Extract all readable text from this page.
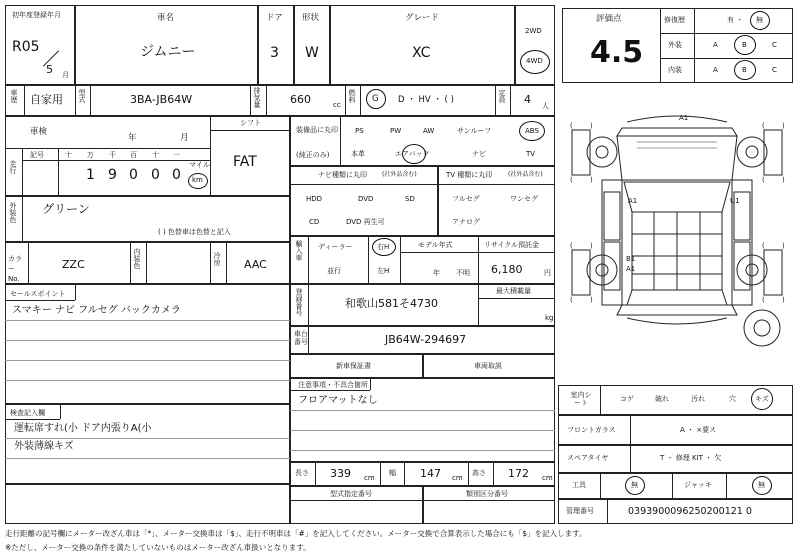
初年度登録年月
R05
5 月
車名
ジムニー
ドア
3
形状
W
グレード
XC
2WD
4WD
車歴 自家用 型式	3BA-JB64W	排気量	660	cc
燃料 G D ・ HV ・ ( )	定員 4 人
車検
年	月
シフト
FAT
走行
記号	十 万 千 百 十 一
1 9 0 0 0
マイル
km
外装色 グリーン
( ) 色替車は色替と記入
カラーNo.
ZZC	内装色	冷房 AAC
セールスポイント
スマキー ナビ フルセグ バックカメラ
検査記入欄
運転席すれ(小 ドア内張りA(小
外装薄線キズ
装備品に丸印
(純正のみ)
PS	PW	AW	サンルーフ	ABS
本革	エアバック	ナビ	TV
ナビ種類に丸印	(社外品含む)
HDD	DVD	SD
CD	DVD 再生可
TV 種類に丸印	(社外品含む)
フルセグ	ワンセグ
アナログ
輸入車 ディーラー
並行
右H
左H
モデル年式
年 不明
リサイクル預託金
6,180	円
登録番号	和歌山581そ4730
最大積載量
kg
車台番号	JB64W-294697
新車保証書	車両取説
注意事項・不具合箇所
フロアマットなし
長さ 339 cm
幅 147 cm
高さ 172 cm
型式指定番号	類別区分番号
評価点
4.5
修復歴	有 ・ 無
外装	A	B	C
内装	A	B	C
( )
( )
( )
( )
( )
( )
( )
( )
A1
A1	U1
B1
A1
室内シート
コゲ	破れ	汚れ	穴	キズ
フロントガラス	A ・ ×要ス
スペアタイヤ	T ・ 修理 KIT ・ 欠
工具	無	ジャッキ	無
管理番号	0393900096250200121 0
走行距離の記号欄にメーター改ざん車は「*」、メーター交換車は「$」、走行不明車は「#」を記入してください。メーター交換で合算表示した場合にも「$」を記入します。
※ただし、メーター交換の条件を満たしていないものはメーター改ざん車扱いとなります。
